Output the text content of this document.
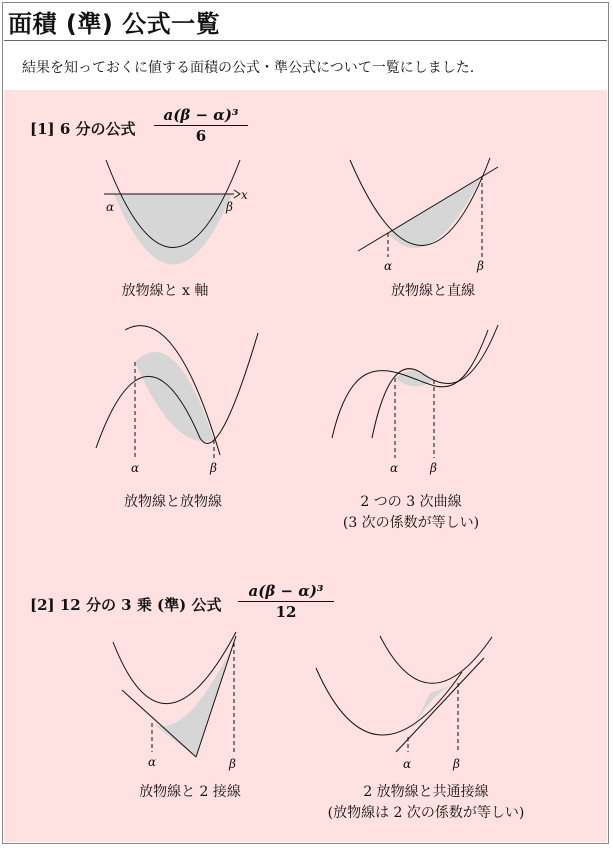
面積 (準) 公式一覧
結果を知っておくに値する面積の公式・準公式について一覧にしました.
[1] 6 分の公式 $\frac{\text{a(β − α)³}}{6}$
α	β
x
放物線と x 軸
α	β
放物線と直線
α	β
放物線と放物線
α	β
2 つの 3 次曲線
(3 次の係数が等しい)
[2] 12 分の 3 乗 (準) 公式 $\frac{\text{a(β − α)³}}{12}$
α	β
放物線と 2 接線
α	β
2 放物線と共通接線
(放物線は 2 次の係数が等しい)
